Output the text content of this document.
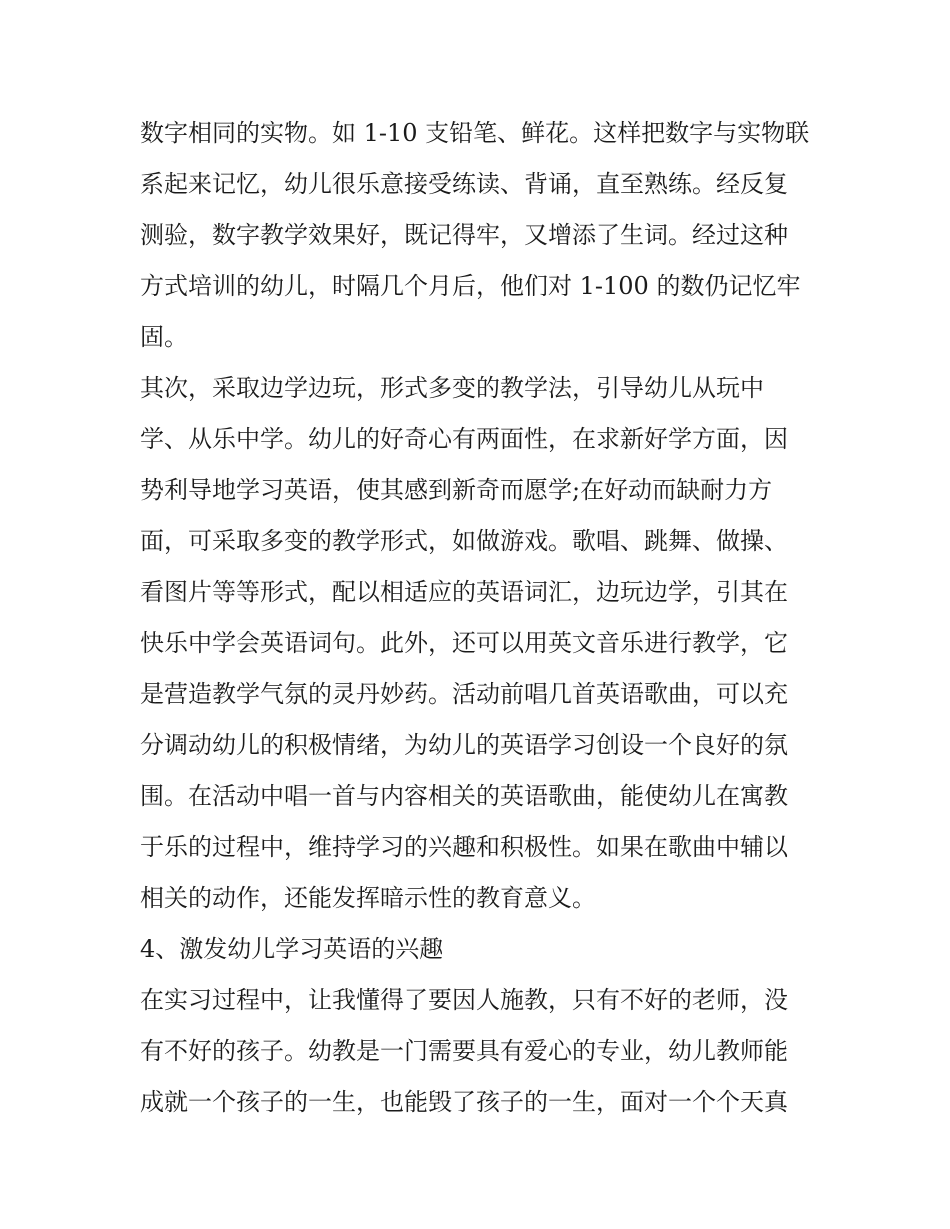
数字相同的实物。如 1-10 支铅笔、鲜花。这样把数字与实物联
系起来记忆，幼儿很乐意接受练读、背诵，直至熟练。经反复
测验，数字教学效果好，既记得牢，又增添了生词。经过这种
方式培训的幼儿，时隔几个月后，他们对 1-100 的数仍记忆牢
固。
其次，采取边学边玩，形式多变的教学法，引导幼儿从玩中
学、从乐中学。幼儿的好奇心有两面性，在求新好学方面，因
势利导地学习英语，使其感到新奇而愿学;在好动而缺耐力方
面，可采取多变的教学形式，如做游戏。歌唱、跳舞、做操、
看图片等等形式，配以相适应的英语词汇，边玩边学，引其在
快乐中学会英语词句。此外，还可以用英文音乐进行教学，它
是营造教学气氛的灵丹妙药。活动前唱几首英语歌曲，可以充
分调动幼儿的积极情绪，为幼儿的英语学习创设一个良好的氛
围。在活动中唱一首与内容相关的英语歌曲，能使幼儿在寓教
于乐的过程中，维持学习的兴趣和积极性。如果在歌曲中辅以
相关的动作，还能发挥暗示性的教育意义。
4、激发幼儿学习英语的兴趣
在实习过程中，让我懂得了要因人施教，只有不好的老师，没
有不好的孩子。幼教是一门需要具有爱心的专业，幼儿教师能
成就一个孩子的一生，也能毁了孩子的一生，面对一个个天真
